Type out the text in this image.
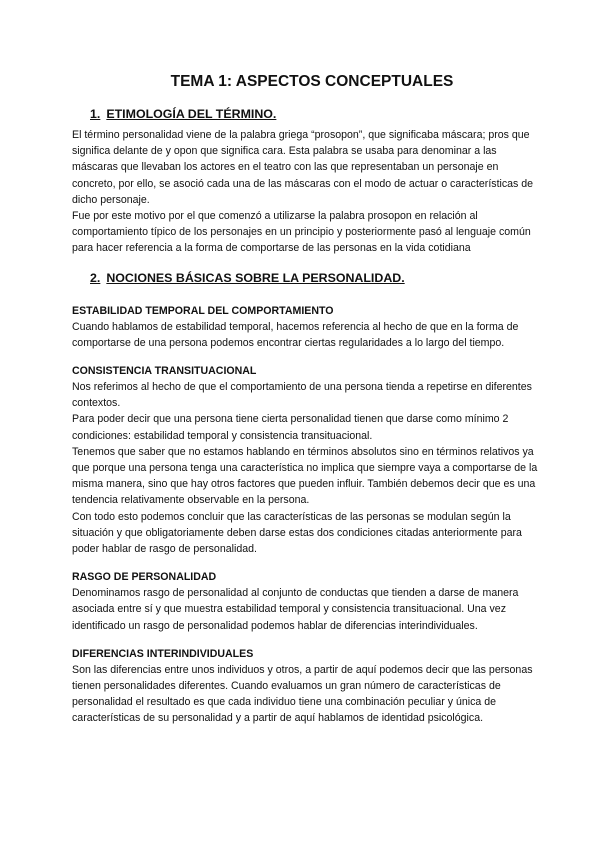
TEMA 1: ASPECTOS CONCEPTUALES
1. ETIMOLOGÍA DEL TÉRMINO.

El término personalidad viene de la palabra griega “prosopon”, que significaba máscara; pros que significa delante de y opon que significa cara. Esta palabra se usaba para denominar a las máscaras que llevaban los actores en el teatro con las que representaban un personaje en concreto, por ello, se asoció cada una de las máscaras con el modo de actuar o características de dicho personaje.

Fue por este motivo por el que comenzó a utilizarse la palabra prosopon en relación al comportamiento típico de los personajes en un principio y posteriormente pasó al lenguaje común para hacer referencia a la forma de comportarse de las personas en la vida cotidiana

2. NOCIONES BÁSICAS SOBRE LA PERSONALIDAD.
ESTABILIDAD TEMPORAL DEL COMPORTAMIENTO

Cuando hablamos de estabilidad temporal, hacemos referencia al hecho de que en la forma de comportarse de una persona podemos encontrar ciertas regularidades a lo largo del tiempo.

CONSISTENCIA TRANSITUACIONAL

Nos referimos al hecho de que el comportamiento de una persona tienda a repetirse en diferentes contextos.

Para poder decir que una persona tiene cierta personalidad tienen que darse como mínimo 2 condiciones: estabilidad temporal y consistencia transituacional.

Tenemos que saber que no estamos hablando en términos absolutos sino en términos relativos ya que porque una persona tenga una característica no implica que siempre vaya a comportarse de la misma manera, sino que hay otros factores que pueden influir. También debemos decir que es una tendencia relativamente observable en la persona.

Con todo esto podemos concluir que las características de las personas se modulan según la situación y que obligatoriamente deben darse estas dos condiciones citadas anteriormente para poder hablar de rasgo de personalidad.

RASGO DE PERSONALIDAD

Denominamos rasgo de personalidad al conjunto de conductas que tienden a darse de manera asociada entre sí y que muestra estabilidad temporal y consistencia transituacional. Una vez identificado un rasgo de personalidad podemos hablar de diferencias interindividuales.

DIFERENCIAS INTERINDIVIDUALES

Son las diferencias entre unos individuos y otros, a partir de aquí podemos decir que las personas tienen personalidades diferentes. Cuando evaluamos un gran número de características de personalidad el resultado es que cada individuo tiene una combinación peculiar y única de características de su personalidad y a partir de aquí hablamos de identidad psicológica.
